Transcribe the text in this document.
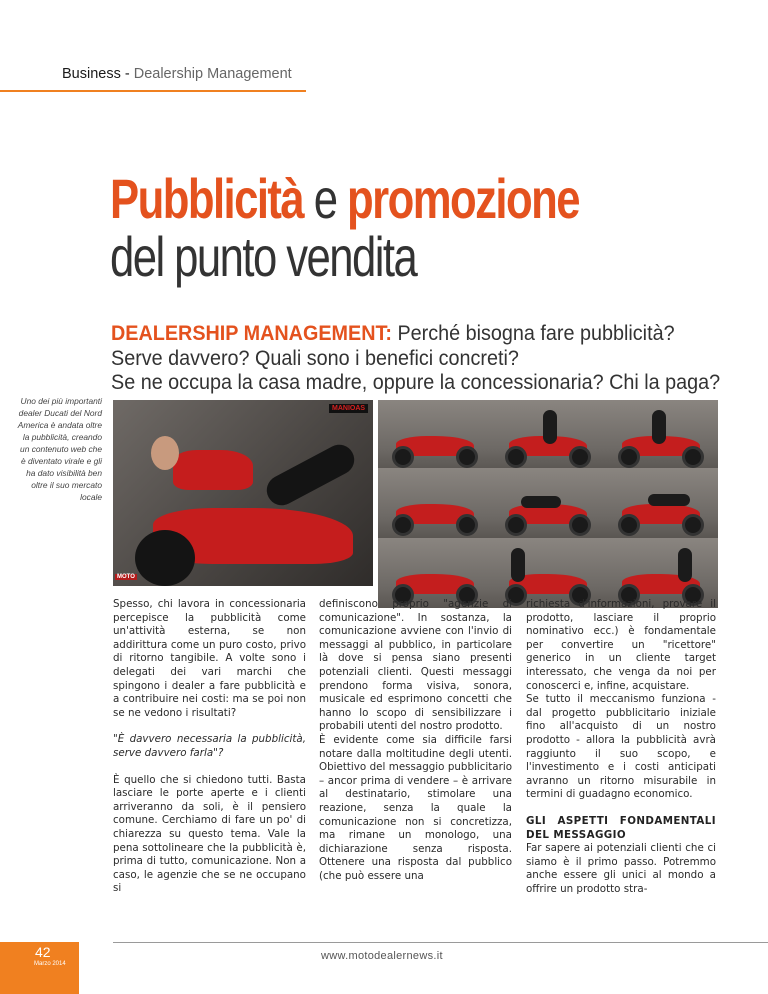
Business - Dealership Management
Pubblicità e promozione
del punto vendita
DEALERSHIP MANAGEMENT: Perché bisogna fare pubblicità?
Serve davvero? Quali sono i benefici concreti?
Se ne occupa la casa madre, oppure la concessionaria? Chi la paga?
Uno dei più importanti dealer Ducati del Nord America è andata oltre la pubblicità, creando un contenuto web che è diventato virale e gli ha dato visibilità ben oltre il suo mercato locale
MANIOAS
MOTO

Spesso, chi lavora in concessionaria percepisce la pubblicità come un'attività esterna, se non addirittura come un puro costo, privo di ritorno tangibile. A volte sono i delegati dei vari marchi che spingono i dealer a fare pubblicità e a contribuire nei costi: ma se poi non se ne vedono i risultati?

"È davvero necessaria la pubblicità, serve davvero farla"?

È quello che si chiedono tutti. Basta lasciare le porte aperte e i clienti arriveranno da soli, è il pensiero comune. Cerchiamo di fare un po' di chiarezza su questo tema. Vale la pena sottolineare che la pubblicità è, prima di tutto, comunicazione. Non a caso, le agenzie che se ne occupano si

definiscono proprio "agenzie di comunicazione". In sostanza, la comunicazione avviene con l'invio di messaggi al pubblico, in particolare là dove si pensa siano presenti potenziali clienti. Questi messaggi prendono forma visiva, sonora, musicale ed esprimono concetti che hanno lo scopo di sensibilizzare i probabili utenti del nostro prodotto.

È evidente come sia difficile farsi notare dalla moltitudine degli utenti. Obiettivo del messaggio pubblicitario – ancor prima di vendere – è arrivare al destinatario, stimolare una reazione, senza la quale la comunicazione non si concretizza, ma rimane un monologo, una dichiarazione senza risposta. Ottenere una risposta dal pubblico (che può essere una

richiesta d'informazioni, provare il prodotto, lasciare il proprio nominativo ecc.) è fondamentale per convertire un "ricettore" generico in un cliente target interessato, che venga da noi per conoscerci e, infine, acquistare.

Se tutto il meccanismo funziona - dal progetto pubblicitario iniziale fino all'acquisto di un nostro prodotto - allora la pubblicità avrà raggiunto il suo scopo, e l'investimento e i costi anticipati avranno un ritorno misurabile in termini di guadagno economico.

GLI ASPETTI FONDAMENTALI DEL MESSAGGIO

Far sapere ai potenziali clienti che ci siamo è il primo passo. Potremmo anche essere gli unici al mondo a offrire un prodotto stra-

42
Marzo 2014
www.motodealernews.it
